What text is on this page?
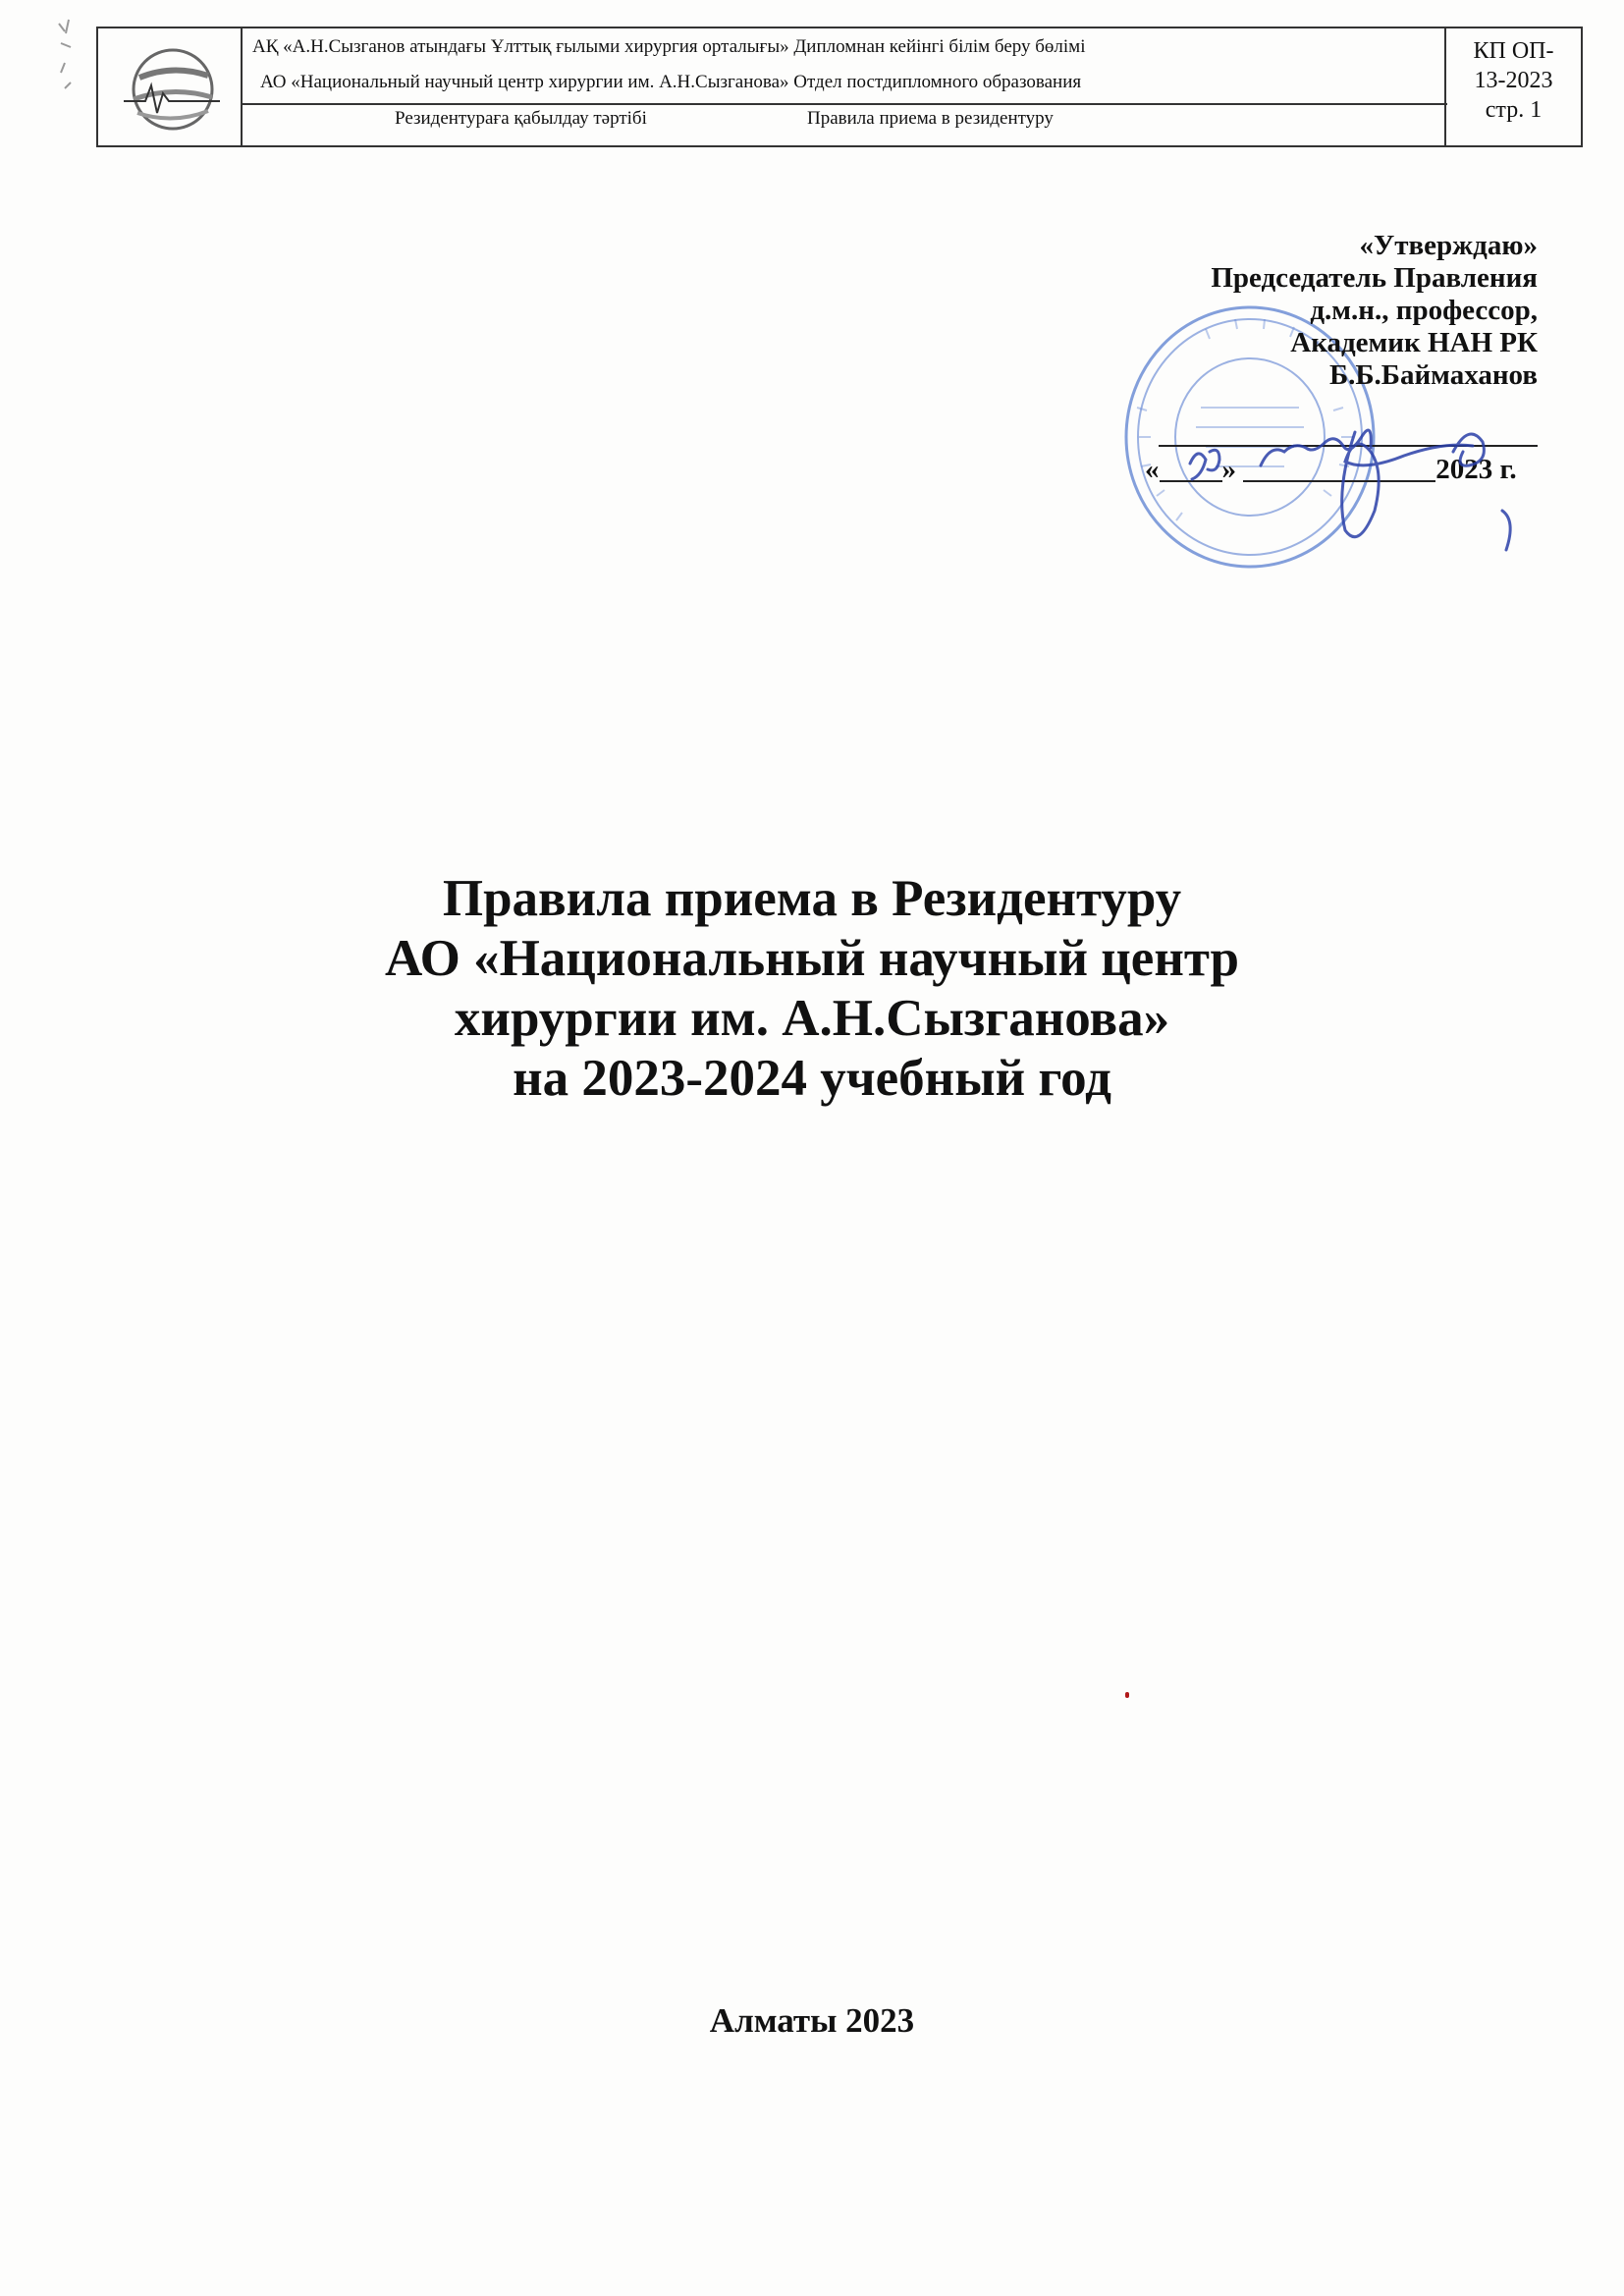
АҚ «А.Н.Сызганов атындағы Ұлттық ғылыми хирургия орталығы» Дипломнан кейінгі білім беру бөлімі
АО «Национальный научный центр хирургии им. А.Н.Сызганова» Отдел постдипломного образования
Резидентураға қабылдау тәртібі	Правила приема в резидентуру
КП ОП-
13-2023
стр. 1
«Утверждаю»
Председатель Правления
д.м.н., профессор,
Академик НАН РК
Б.Б.Баймаханов
« »	2023 г.
Правила приема в Резидентуру
АО «Национальный научный центр
хирургии им. А.Н.Сызганова»
на 2023-2024 учебный год
Алматы 2023
